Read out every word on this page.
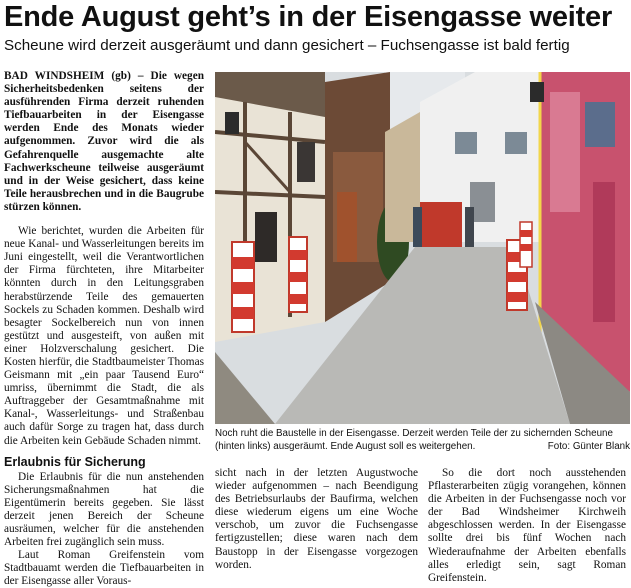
Ende August geht’s in der Eisengasse weiter
Scheune wird derzeit ausgeräumt und dann gesichert – Fuchsengasse ist bald fertig

BAD WINDSHEIM (gb) – Die wegen Sicherheitsbedenken seitens der ausführenden Firma derzeit ruhenden Tiefbauarbeiten in der Eisengasse werden Ende des Monats wieder aufgenommen. Zuvor wird die als Gefahrenquelle ausgemachte alte Fachwerkscheune teilweise ausgeräumt und in der Weise gesichert, dass keine Teile herausbrechen und in die Baugrube stürzen können.

Wie berichtet, wurden die Arbeiten für neue Kanal- und Wasserleitungen bereits im Juni eingestellt, weil die Verantwortlichen der Firma fürchteten, ihre Mitarbeiter könnten durch in den Leitungsgraben herabstürzende Teile des gemauerten Sockels zu Schaden kommen. Deshalb wird besagter Sockelbereich nun von innen gestützt und ausgesteift, von außen mit einer Holzverschalung gesichert. Die Kosten hierfür, die Stadtbaumeister Thomas Geismann mit „ein paar Tausend Euro“ umriss, übernimmt die Stadt, die als Auftraggeber der Gesamtmaßnahme mit Kanal-, Wasserleitungs- und Straßenbau auch dafür Sorge zu tragen hat, dass durch die Arbeiten kein Gebäude Schaden nimmt.

Erlaubnis für Sicherung

Die Erlaubnis für die nun anstehenden Sicherungsmaßnahmen hat die Eigentümerin bereits gegeben. Sie lässt derzeit jenen Bereich der Scheune ausräumen, welcher für die anstehenden Arbeiten frei zugänglich sein muss.

Laut Roman Greifenstein vom Stadtbauamt werden die Tiefbauarbeiten in der Eisengasse aller Voraus-

Noch ruht die Baustelle in der Eisengasse. Derzeit werden Teile der zu sichernden Scheune (hinten links) ausgeräumt. Ende August soll es weitergehen.	Foto: Günter Blank

sicht nach in der letzten Augustwoche wieder aufgenommen – nach Beendigung des Betriebsurlaubs der Baufirma, welchen diese wiederum eigens um eine Woche verschob, um zuvor die Fuchsengasse fertigzustellen; diese waren nach dem Baustopp in der Eisengasse vorgezogen worden.

So die dort noch ausstehenden Pflasterarbeiten zügig vorangehen, können die Arbeiten in der Fuchsengasse noch vor der Bad Windsheimer Kirchweih abgeschlossen werden. In der Eisengasse sollte drei bis fünf Wochen nach Wiederaufnahme der Arbeiten ebenfalls alles erledigt sein, sagt Roman Greifenstein.
